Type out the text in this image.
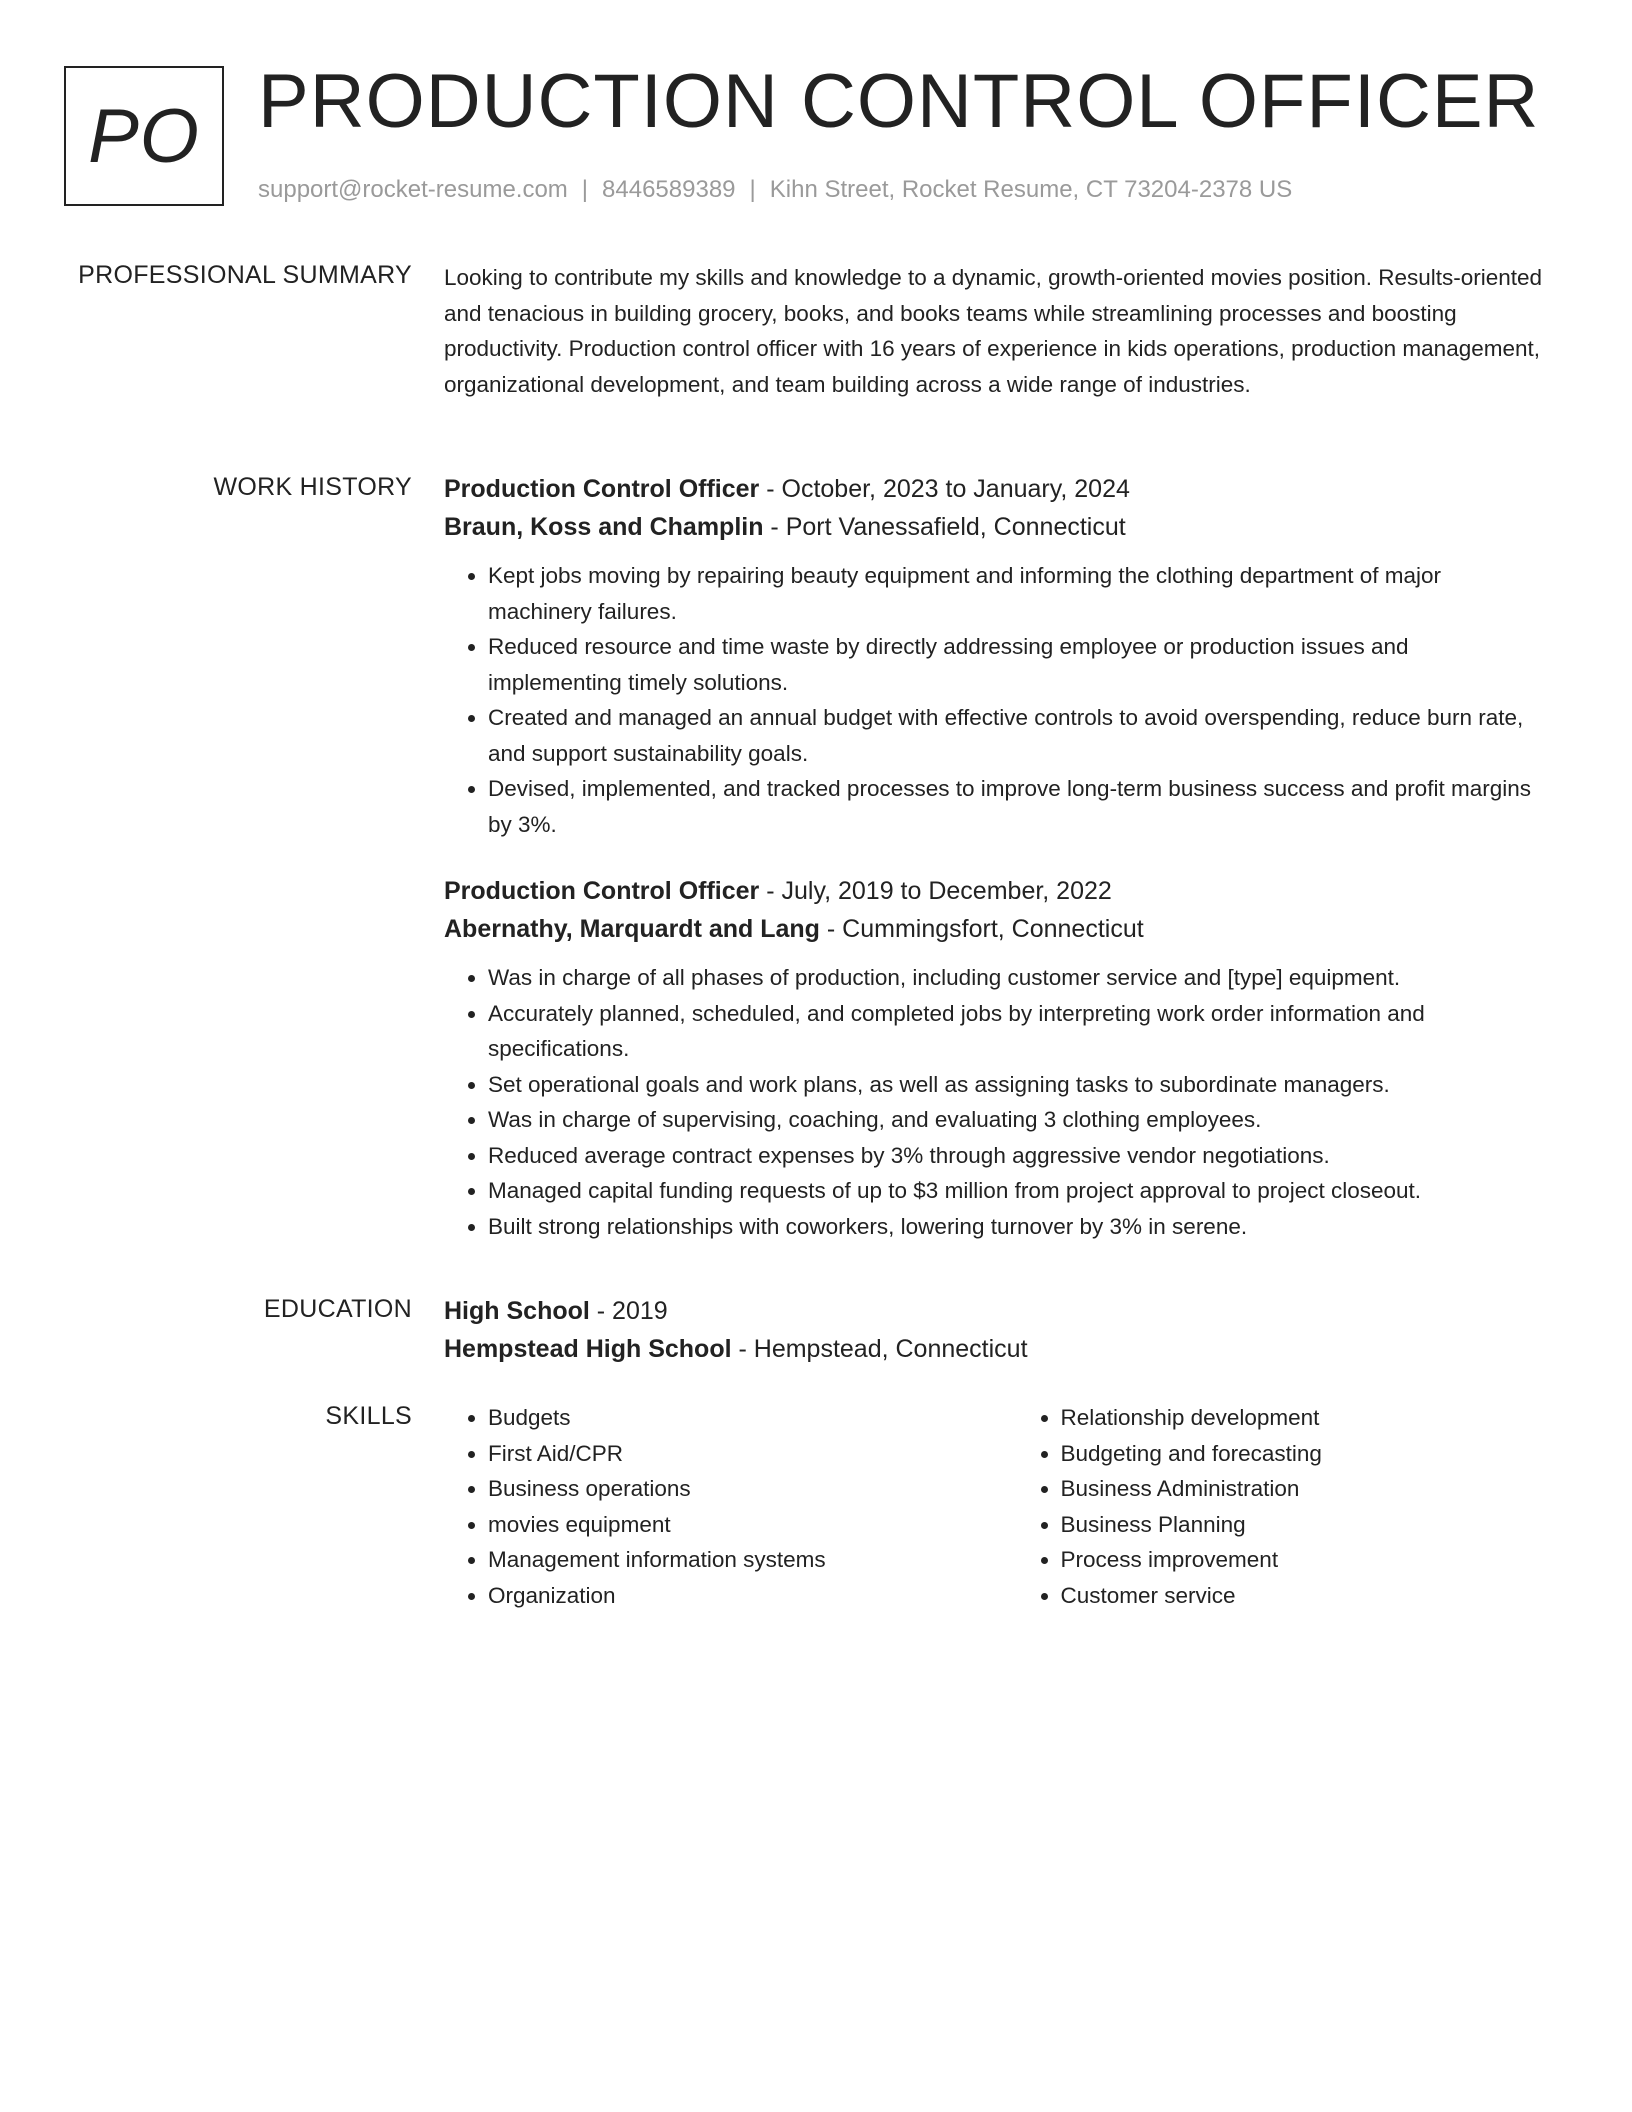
PO PRODUCTION CONTROL OFFICER
support@rocket-resume.com | 8446589389 | Kihn Street, Rocket Resume, CT 73204-2378 US
PROFESSIONAL SUMMARY Looking to contribute my skills and knowledge to a dynamic, growth-oriented movies position. Results-oriented and tenacious in building grocery, books, and books teams while streamlining processes and boosting productivity. Production control officer with 16 years of experience in kids operations, production management, organizational development, and team building across a wide range of industries.

WORK HISTORY Production Control Officer - October, 2023 to January, 2024
Braun, Koss and Champlin - Port Vanessafield, Connecticut
• Kept jobs moving by repairing beauty equipment and informing the clothing department of major machinery failures.
• Reduced resource and time waste by directly addressing employee or production issues and implementing timely solutions.
• Created and managed an annual budget with effective controls to avoid overspending, reduce burn rate, and support sustainability goals.
• Devised, implemented, and tracked processes to improve long-term business success and profit margins by 3%.
Production Control Officer - July, 2019 to December, 2022
Abernathy, Marquardt and Lang - Cummingsfort, Connecticut
• Was in charge of all phases of production, including customer service and [type] equipment.
• Accurately planned, scheduled, and completed jobs by interpreting work order information and specifications.
• Set operational goals and work plans, as well as assigning tasks to subordinate managers.
• Was in charge of supervising, coaching, and evaluating 3 clothing employees.
• Reduced average contract expenses by 3% through aggressive vendor negotiations.
• Managed capital funding requests of up to $3 million from project approval to project closeout.
• Built strong relationships with coworkers, lowering turnover by 3% in serene.
EDUCATION High School - 2019
Hempstead High School - Hempstead, Connecticut
SKILLS
•	Budgets
• First Aid/CPR
• Business operations
• movies equipment
• Management information systems
• Organization
• Relationship development
• Budgeting and forecasting
• Business Administration
• Business Planning
• Process improvement
• Customer service
